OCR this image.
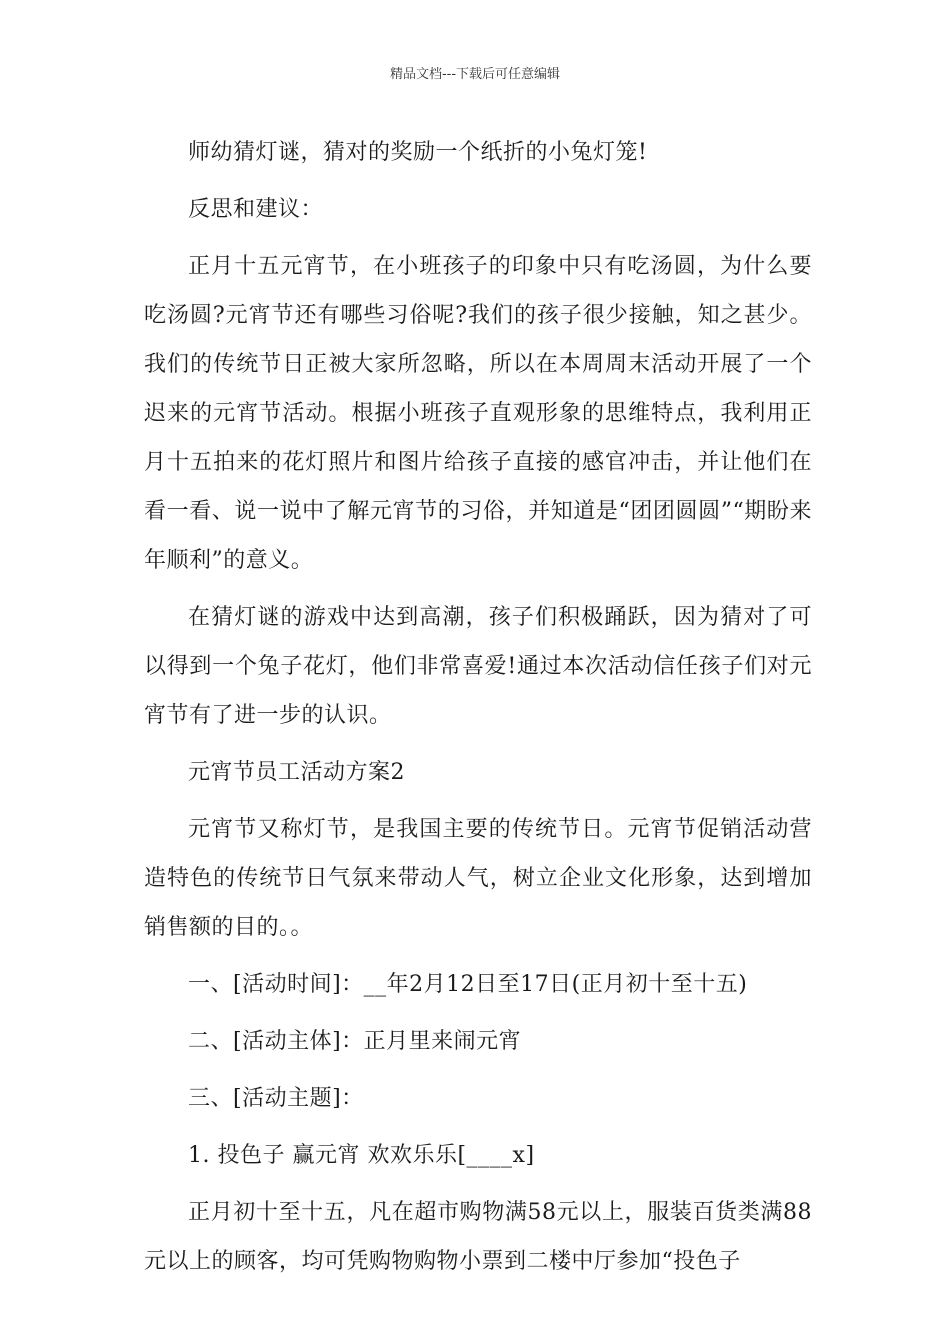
精品文档---下载后可任意编辑

师幼猜灯谜，猜对的奖励一个纸折的小兔灯笼!

反思和建议：

正月十五元宵节，在小班孩子的印象中只有吃汤圆，为什么要吃汤圆?元宵节还有哪些习俗呢?我们的孩子很少接触，知之甚少。我们的传统节日正被大家所忽略，所以在本周周末活动开展了一个迟来的元宵节活动。根据小班孩子直观形象的思维特点，我利用正月十五拍来的花灯照片和图片给孩子直接的感官冲击，并让他们在看一看、说一说中了解元宵节的习俗，并知道是“团团圆圆”“期盼来年顺利”的意义。

在猜灯谜的游戏中达到高潮，孩子们积极踊跃，因为猜对了可以得到一个兔子花灯，他们非常喜爱!通过本次活动信任孩子们对元宵节有了进一步的认识。

元宵节员工活动方案2

元宵节又称灯节，是我国主要的传统节日。元宵节促销活动营造特色的传统节日气氛来带动人气，树立企业文化形象，达到增加销售额的目的。。

一、[活动时间]：__年2月12日至17日(正月初十至十五)

二、[活动主体]：正月里来闹元宵

三、[活动主题]：

1. 投色子 赢元宵 欢欢乐乐[____x]

正月初十至十五，凡在超市购物满58元以上，服装百货类满88元以上的顾客，均可凭购物购物小票到二楼中厅参加“投色子
